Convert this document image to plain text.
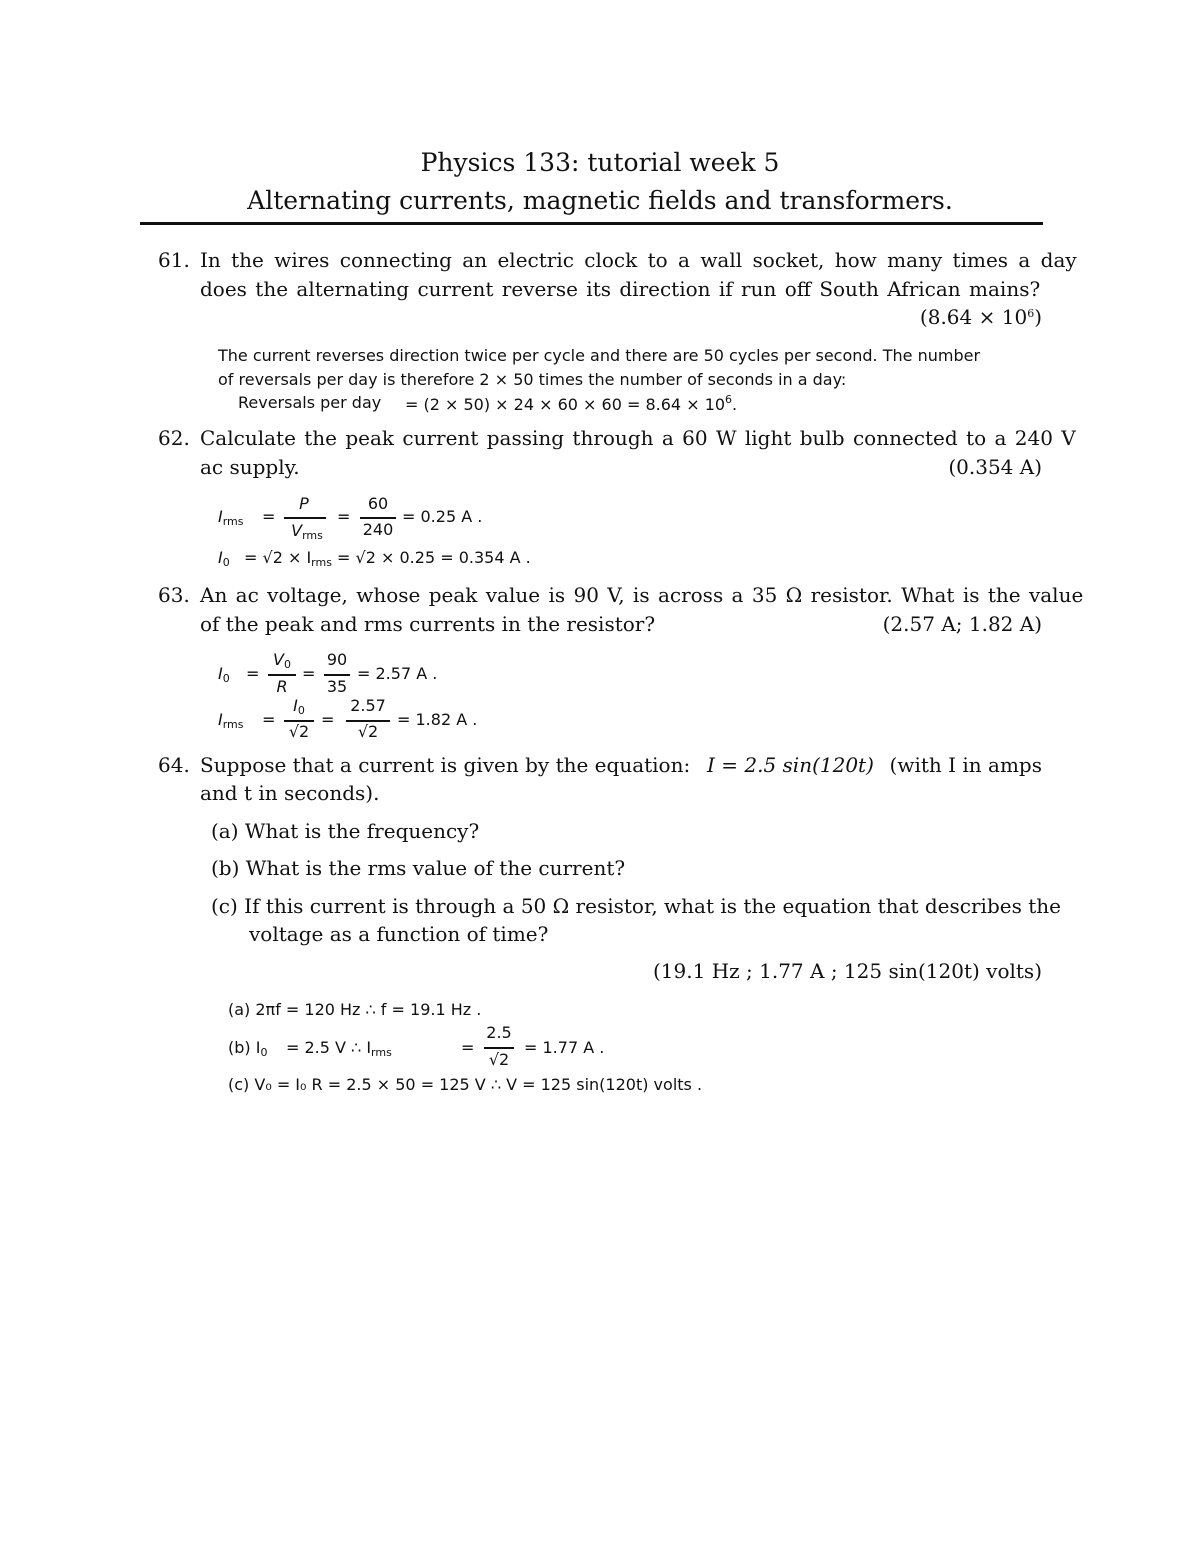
Physics 133: tutorial week 5
Alternating currents, magnetic fields and transformers.
61. In the wires connecting an electric clock to a wall socket, how many times a day
does the alternating current reverse its direction if run off South African mains?
$(8.64 \times 10^6)$
The current reverses direction twice per cycle and there are 50 cycles per second. The number
of reversals per day is therefore 2 × 50 times the number of seconds in a day:
Reversals per day = $(2 \times 50) \times 24 \times 60 \times 60 = 8.64 \times 10^6$.
62. Calculate the peak current passing through a 60 W light bulb connected to a 240 V
ac supply.	(0.354 A)
$I_{rms}$ =
P
$V_{rms}$
=
60
240
= 0.25 A .
$I_0 = √2 \times I_{rms} = √2 \times 0.25 = 0.354$ A .
63. An ac voltage, whose peak value is 90 V, is across a 35 Ω resistor. What is the value
of the peak and rms currents in the resistor?	(2.57 A; 1.82 A)
$I_0$ =
$V_0$
R
=
90
35
= 2.57 A .
$I_{rms}$ =
$I_0$
√2
=
2.57
√2
= 1.82 A .
64. Suppose that a current is given by the equation: I = 2.5 sin(120t) (with I in amps
and t in seconds).
(a) What is the frequency?
(b) What is the rms value of the current?
(c) If this current is through a 50 Ω resistor, what is the equation that describes the
voltage as a function of time?
(19.1 Hz ; 1.77 A ; 125 sin(120t) volts)
(a) 2πf = 120 Hz ∴ f = 19.1 Hz .
(b) $I_0 = 2.5$ V ∴ $I_{rms}$	=
2.5
√2
= 1.77 A .
(c) V₀ = I₀ R = 2.5 × 50 = 125 V ∴ V = 125 sin(120t) volts .
